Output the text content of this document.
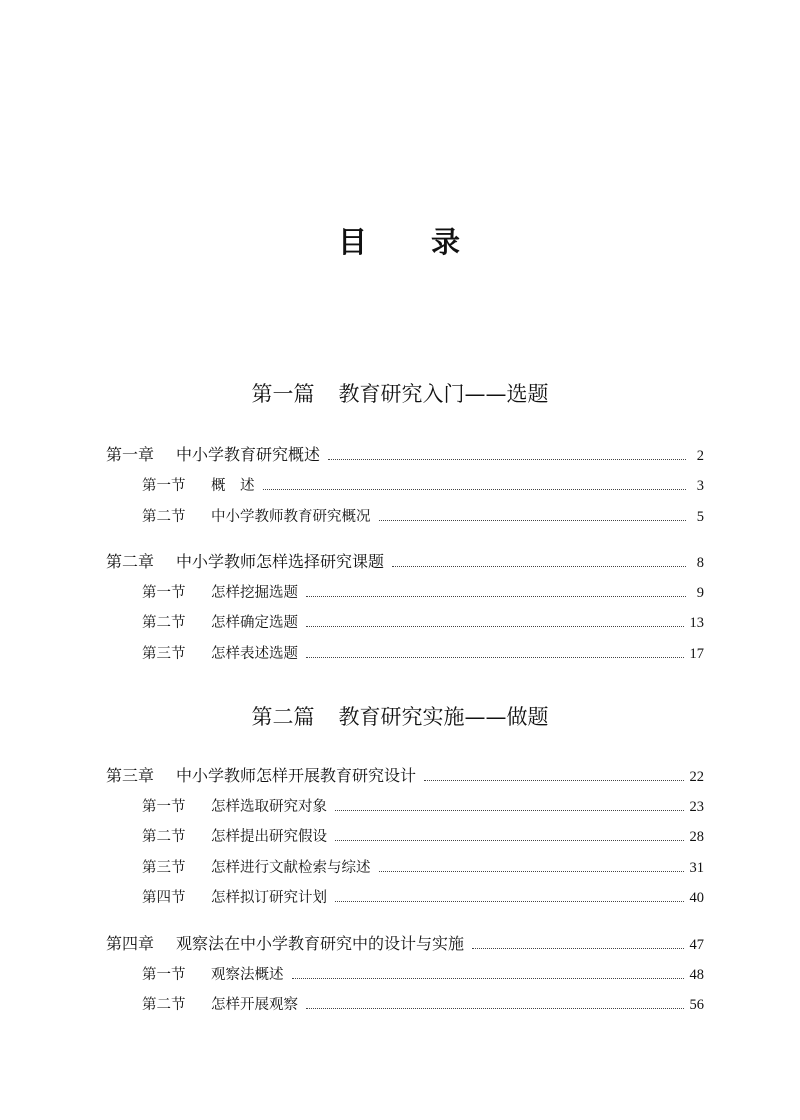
目 录
第一篇 教育研究入门——选题
第一章	中小学教育研究概述	2
第一节	概　述	3
第二节	中小学教师教育研究概况	5
第二章	中小学教师怎样选择研究课题	8
第一节	怎样挖掘选题	9
第二节	怎样确定选题	13
第三节	怎样表述选题	17
第二篇 教育研究实施——做题
第三章	中小学教师怎样开展教育研究设计	22
第一节	怎样选取研究对象	23
第二节	怎样提出研究假设	28
第三节	怎样进行文献检索与综述	31
第四节	怎样拟订研究计划	40
第四章	观察法在中小学教育研究中的设计与实施	47
第一节	观察法概述	48
第二节	怎样开展观察	56
